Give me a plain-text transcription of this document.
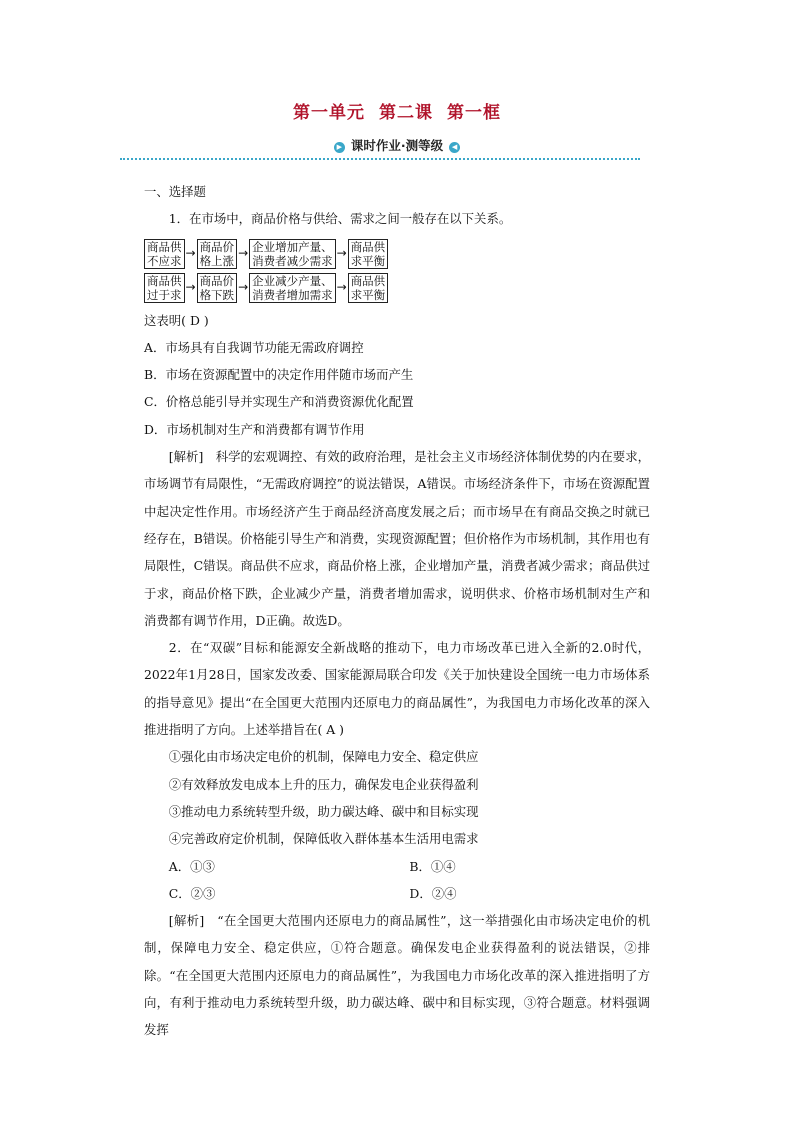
第一单元 第二课 第一框
▶ 课时作业·测等级 ◀

一、选择题

1．在市场中，商品价格与供给、需求之间一般存在以下关系。

商品供
不应求
→ 商品价
格上涨
→ 企业增加产量、
消费者减少需求
→ 商品供
求平衡
商品供
过于求
→ 商品价
格下跌
→ 企业减少产量、
消费者增加需求
→ 商品供
求平衡

这表明( D )

A．市场具有自我调节功能无需政府调控

B．市场在资源配置中的决定作用伴随市场而产生

C．价格总能引导并实现生产和消费资源优化配置

D．市场机制对生产和消费都有调节作用

[解析]　科学的宏观调控、有效的政府治理，是社会主义市场经济体制优势的内在要求，市场调节有局限性，“无需政府调控”的说法错误，A错误。市场经济条件下，市场在资源配置中起决定性作用。市场经济产生于商品经济高度发展之后；而市场早在有商品交换之时就已经存在，B错误。价格能引导生产和消费，实现资源配置；但价格作为市场机制，其作用也有局限性，C错误。商品供不应求，商品价格上涨，企业增加产量，消费者减少需求；商品供过于求，商品价格下跌，企业减少产量，消费者增加需求，说明供求、价格市场机制对生产和消费都有调节作用，D正确。故选D。

2．在“双碳”目标和能源安全新战略的推动下，电力市场改革已进入全新的2.0时代，2022年1月28日，国家发改委、国家能源局联合印发《关于加快建设全国统一电力市场体系的指导意见》提出“在全国更大范围内还原电力的商品属性”，为我国电力市场化改革的深入推进指明了方向。上述举措旨在( A )

①强化由市场决定电价的机制，保障电力安全、稳定供应

②有效释放发电成本上升的压力，确保发电企业获得盈利

③推动电力系统转型升级，助力碳达峰、碳中和目标实现

④完善政府定价机制，保障低收入群体基本生活用电需求

A．①③	B．①④
C．②③	D．②④

[解析]　“在全国更大范围内还原电力的商品属性”，这一举措强化由市场决定电价的机制，保障电力安全、稳定供应，①符合题意。确保发电企业获得盈利的说法错误，②排除。“在全国更大范围内还原电力的商品属性”，为我国电力市场化改革的深入推进指明了方向，有利于推动电力系统转型升级，助力碳达峰、碳中和目标实现，③符合题意。材料强调发挥
